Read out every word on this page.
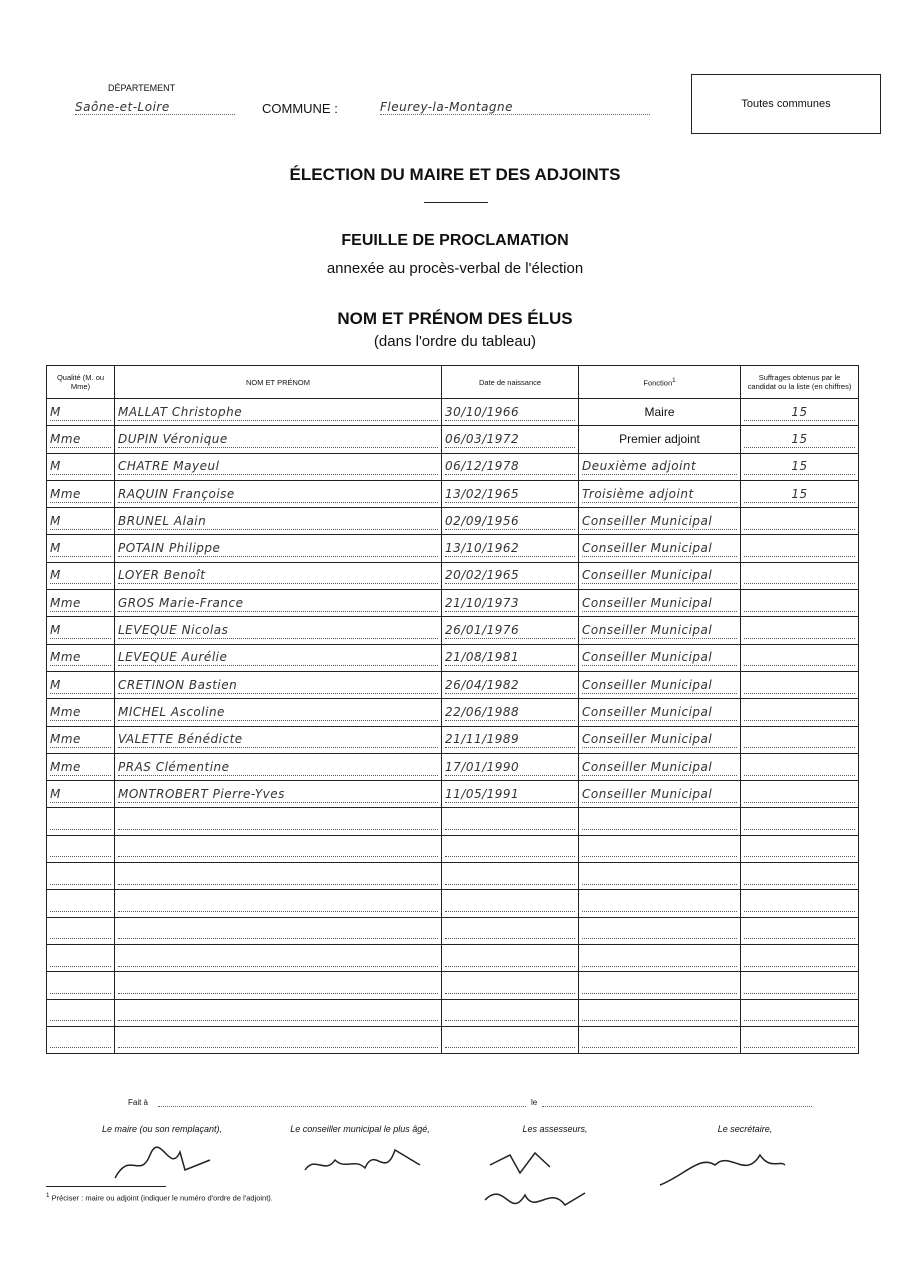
DÉPARTEMENT
Saône-et-Loire	COMMUNE :	Fleurey-la-Montagne	Toutes communes
ÉLECTION DU MAIRE ET DES ADJOINTS
FEUILLE DE PROCLAMATION
annexée au procès-verbal de l'élection
NOM ET PRÉNOM DES ÉLUS
(dans l'ordre du tableau)
Qualité (M. ou Mme)	NOM ET PRÉNOM	Date de naissance	Fonction$^1$	Suffrages obtenus par le candidat ou la liste (en chiffres)

M	MALLAT Christophe	30/10/1966	Maire	15

Mme	DUPIN Véronique	06/03/1972	Premier adjoint	15

M	CHATRE Mayeul	06/12/1978	Deuxième adjoint	15

Mme	RAQUIN Françoise	13/02/1965	Troisième adjoint	15

M	BRUNEL Alain	02/09/1956	Conseiller Municipal	

M	POTAIN Philippe	13/10/1962	Conseiller Municipal	

M	LOYER Benoît	20/02/1965	Conseiller Municipal	

Mme	GROS Marie-France	21/10/1973	Conseiller Municipal	

M	LEVEQUE Nicolas	26/01/1976	Conseiller Municipal	

Mme	LEVEQUE Aurélie	21/08/1981	Conseiller Municipal	

M	CRETINON Bastien	26/04/1982	Conseiller Municipal	

Mme	MICHEL Ascoline	22/06/1988	Conseiller Municipal	

Mme	VALETTE Bénédicte	21/11/1989	Conseiller Municipal	

Mme	PRAS Clémentine	17/01/1990	Conseiller Municipal	

M	MONTROBERT Pierre-Yves	11/05/1991	Conseiller Municipal	

Fait à	le
Le maire (ou son remplaçant),	Le conseiller municipal le plus âgé,	Les assesseurs,	Le secrétaire,
$^1$ Préciser : maire ou adjoint (indiquer le numéro d'ordre de l'adjoint).
